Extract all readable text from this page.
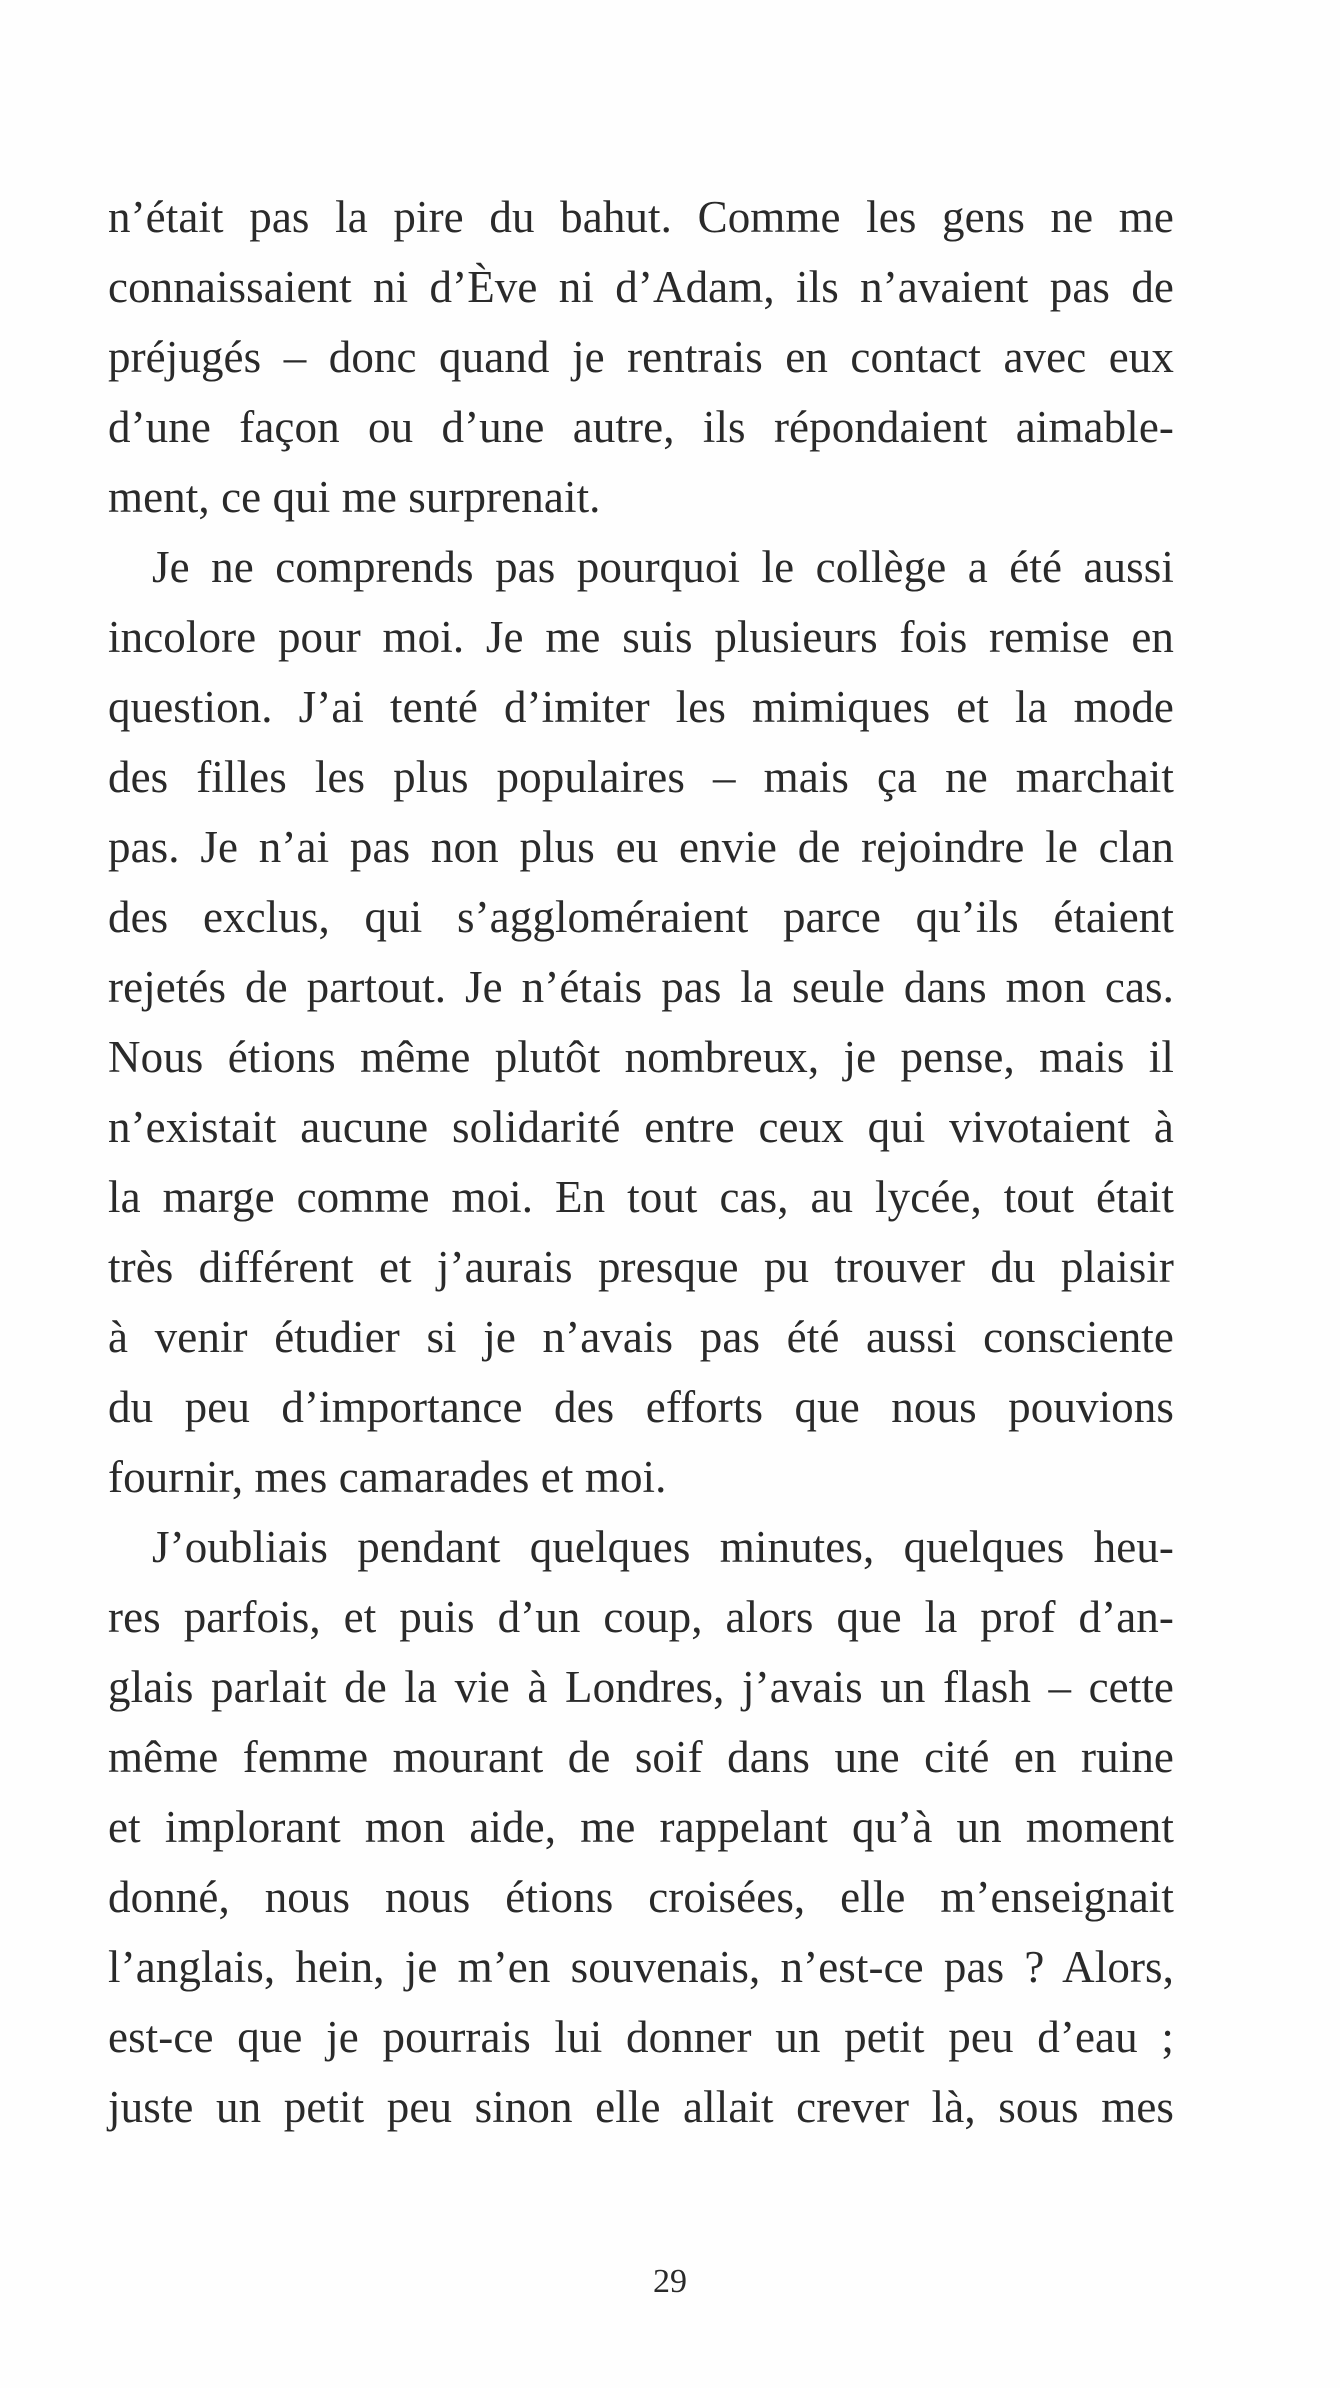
n’était pas la pire du bahut. Comme les gens ne me
connaissaient ni d’Ève ni d’Adam, ils n’avaient pas de
préjugés – donc quand je rentrais en contact avec eux
d’une façon ou d’une autre, ils répondaient aimable-
ment, ce qui me surprenait.
Je ne comprends pas pourquoi le collège a été aussi
incolore pour moi. Je me suis plusieurs fois remise en
question. J’ai tenté d’imiter les mimiques et la mode
des filles les plus populaires – mais ça ne marchait
pas. Je n’ai pas non plus eu envie de rejoindre le clan
des exclus, qui s’aggloméraient parce qu’ils étaient
rejetés de partout. Je n’étais pas la seule dans mon cas.
Nous étions même plutôt nombreux, je pense, mais il
n’existait aucune solidarité entre ceux qui vivotaient à
la marge comme moi. En tout cas, au lycée, tout était
très différent et j’aurais presque pu trouver du plaisir
à venir étudier si je n’avais pas été aussi consciente
du peu d’importance des efforts que nous pouvions
fournir, mes camarades et moi.
J’oubliais pendant quelques minutes, quelques heu-
res parfois, et puis d’un coup, alors que la prof d’an-
glais parlait de la vie à Londres, j’avais un flash – cette
même femme mourant de soif dans une cité en ruine
et implorant mon aide, me rappelant qu’à un moment
donné, nous nous étions croisées, elle m’enseignait
l’anglais, hein, je m’en souvenais, n’est-ce pas ? Alors,
est-ce que je pourrais lui donner un petit peu d’eau ;
juste un petit peu sinon elle allait crever là, sous mes
29
